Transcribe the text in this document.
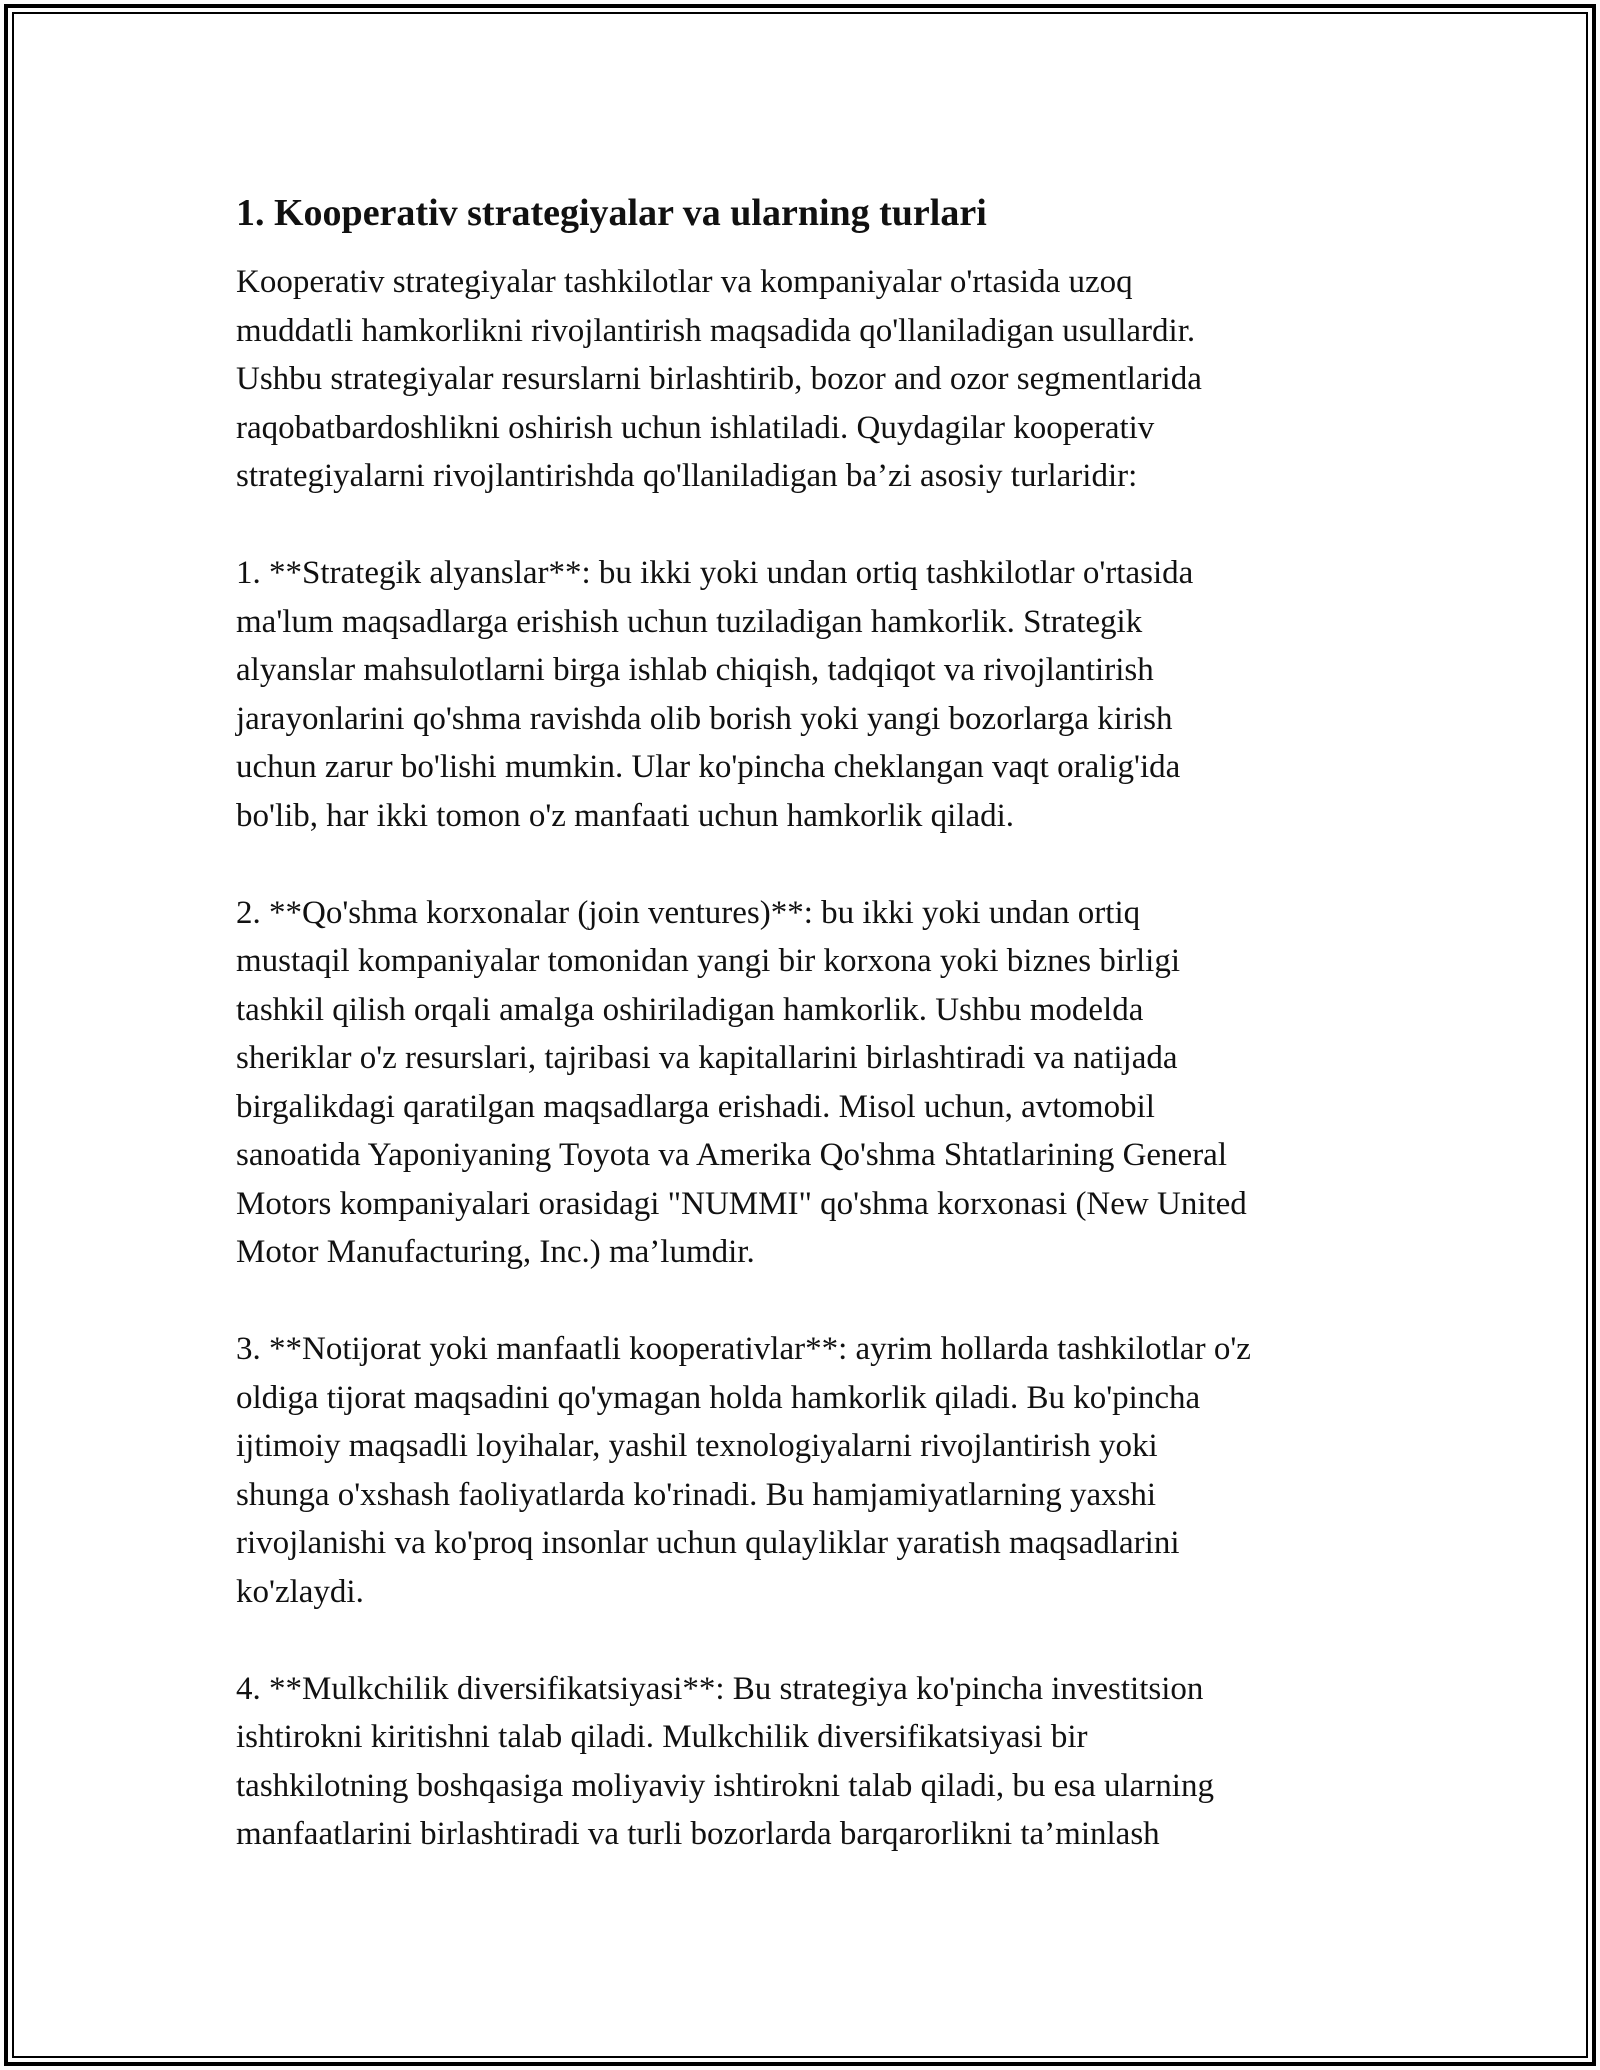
1. Kooperativ strategiyalar va ularning turlari

Kooperativ strategiyalar tashkilotlar va kompaniyalar o'rtasida uzoq
muddatli hamkorlikni rivojlantirish maqsadida qo'llaniladigan usullardir.
Ushbu strategiyalar resurslarni birlashtirib, bozor and ozor segmentlarida
raqobatbardoshlikni oshirish uchun ishlatiladi. Quydagilar kooperativ
strategiyalarni rivojlantirishda qo'llaniladigan ba’zi asosiy turlaridir:

1. **Strategik alyanslar**: bu ikki yoki undan ortiq tashkilotlar o'rtasida
ma'lum maqsadlarga erishish uchun tuziladigan hamkorlik. Strategik
alyanslar mahsulotlarni birga ishlab chiqish, tadqiqot va rivojlantirish
jarayonlarini qo'shma ravishda olib borish yoki yangi bozorlarga kirish
uchun zarur bo'lishi mumkin. Ular ko'pincha cheklangan vaqt oralig'ida
bo'lib, har ikki tomon o'z manfaati uchun hamkorlik qiladi.

2. **Qo'shma korxonalar (join ventures)**: bu ikki yoki undan ortiq
mustaqil kompaniyalar tomonidan yangi bir korxona yoki biznes birligi
tashkil qilish orqali amalga oshiriladigan hamkorlik. Ushbu modelda
sheriklar o'z resurslari, tajribasi va kapitallarini birlashtiradi va natijada
birgalikdagi qaratilgan maqsadlarga erishadi. Misol uchun, avtomobil
sanoatida Yaponiyaning Toyota va Amerika Qo'shma Shtatlarining General
Motors kompaniyalari orasidagi "NUMMI" qo'shma korxonasi (New United
Motor Manufacturing, Inc.) ma’lumdir.

3. **Notijorat yoki manfaatli kooperativlar**: ayrim hollarda tashkilotlar o'z
oldiga tijorat maqsadini qo'ymagan holda hamkorlik qiladi. Bu ko'pincha
ijtimoiy maqsadli loyihalar, yashil texnologiyalarni rivojlantirish yoki
shunga o'xshash faoliyatlarda ko'rinadi. Bu hamjamiyatlarning yaxshi
rivojlanishi va ko'proq insonlar uchun qulayliklar yaratish maqsadlarini
ko'zlaydi.

4. **Mulkchilik diversifikatsiyasi**: Bu strategiya ko'pincha investitsion
ishtirokni kiritishni talab qiladi. Mulkchilik diversifikatsiyasi bir
tashkilotning boshqasiga moliyaviy ishtirokni talab qiladi, bu esa ularning
manfaatlarini birlashtiradi va turli bozorlarda barqarorlikni ta’minlash
